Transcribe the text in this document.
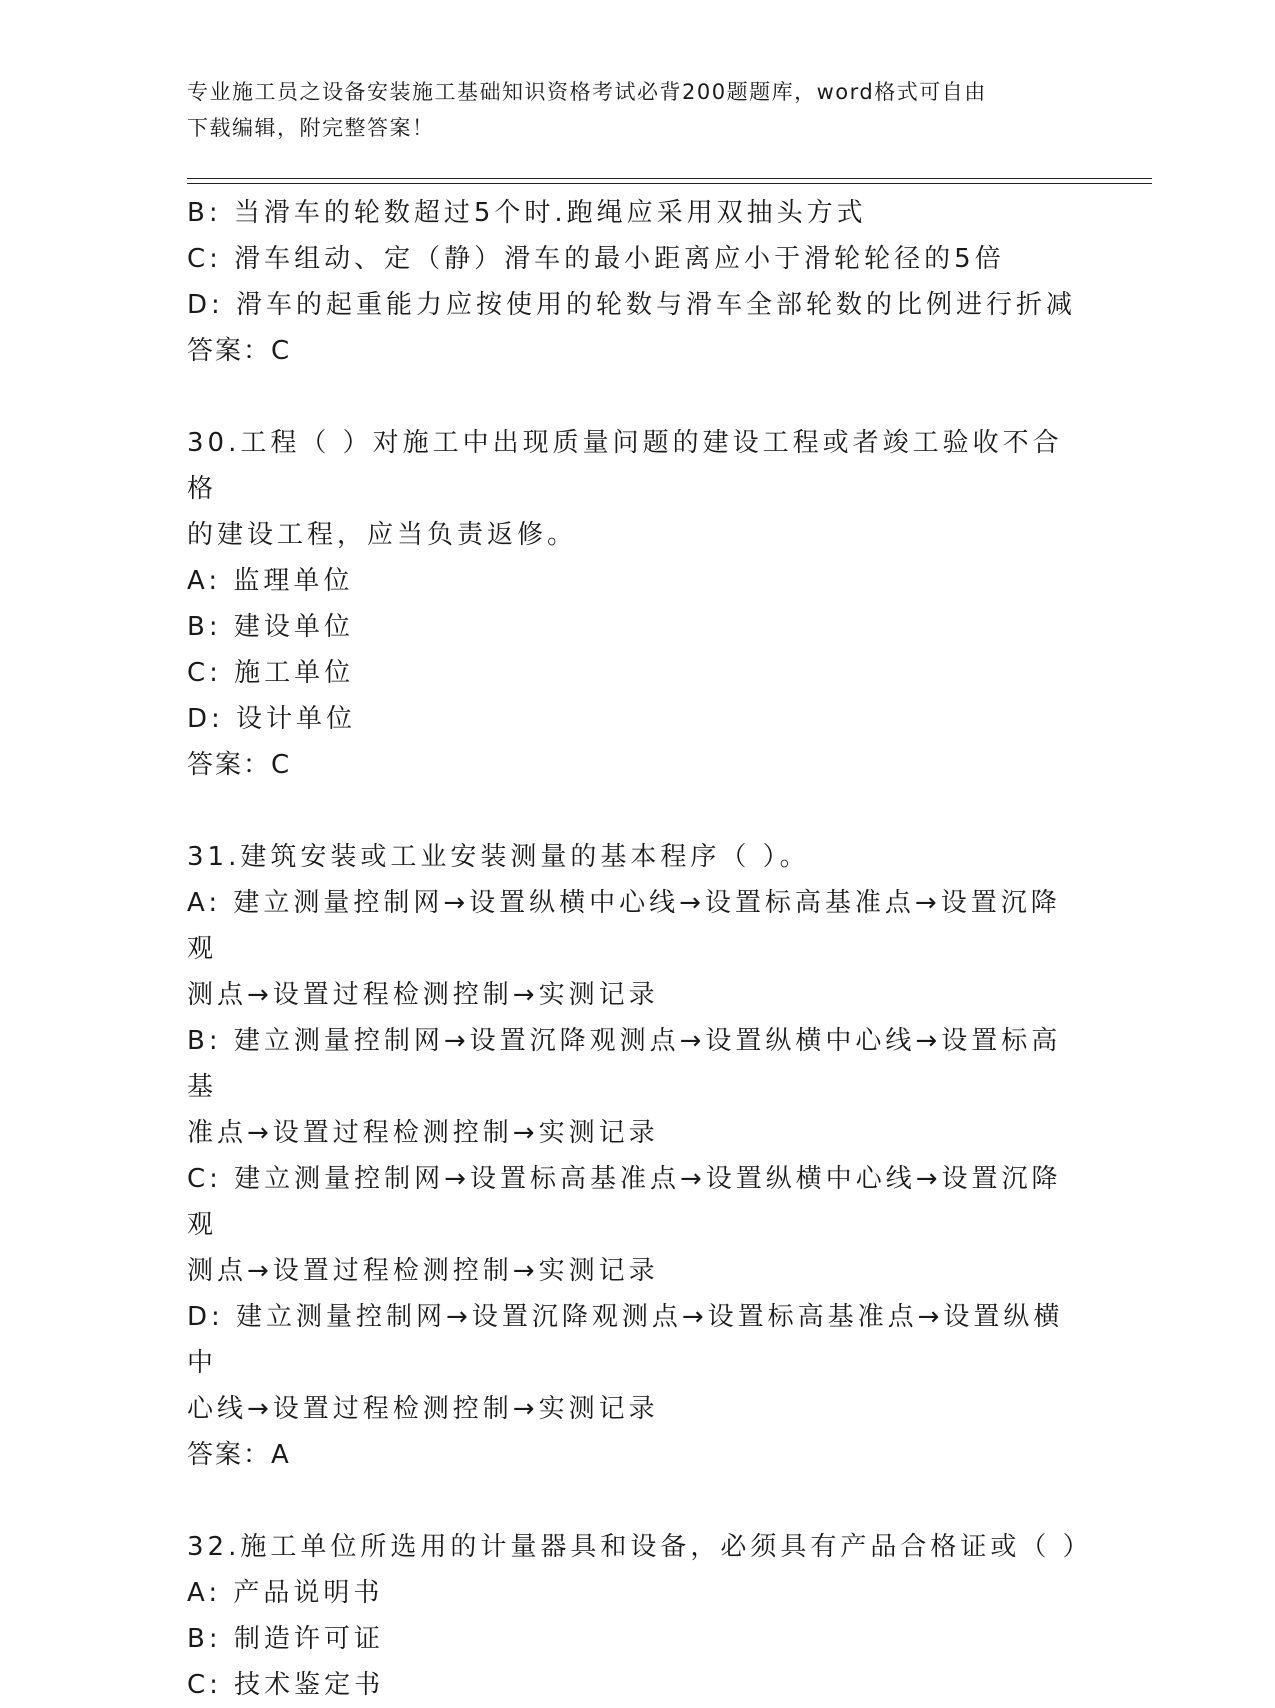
专业施工员之设备安装施工基础知识资格考试必背200题题库，word格式可自由
下载编辑，附完整答案！
B: 当滑车的轮数超过5个时.跑绳应采用双抽头方式
C: 滑车组动、定（静）滑车的最小距离应小于滑轮轮径的5倍
D: 滑车的起重能力应按使用的轮数与滑车全部轮数的比例进行折减
答案：C
30.工程（ ）对施工中出现质量问题的建设工程或者竣工验收不合格
的建设工程，应当负责返修。
A: 监理单位
B: 建设单位
C: 施工单位
D: 设计单位
答案：C
31.建筑安装或工业安装测量的基本程序（ ）。
A: 建立测量控制网→设置纵横中心线→设置标高基准点→设置沉降观
测点→设置过程检测控制→实测记录
B: 建立测量控制网→设置沉降观测点→设置纵横中心线→设置标高基
准点→设置过程检测控制→实测记录
C: 建立测量控制网→设置标高基准点→设置纵横中心线→设置沉降观
测点→设置过程检测控制→实测记录
D: 建立测量控制网→设置沉降观测点→设置标高基准点→设置纵横中
心线→设置过程检测控制→实测记录
答案：A
32.施工单位所选用的计量器具和设备，必须具有产品合格证或（ ）
A: 产品说明书
B: 制造许可证
C: 技术鉴定书
